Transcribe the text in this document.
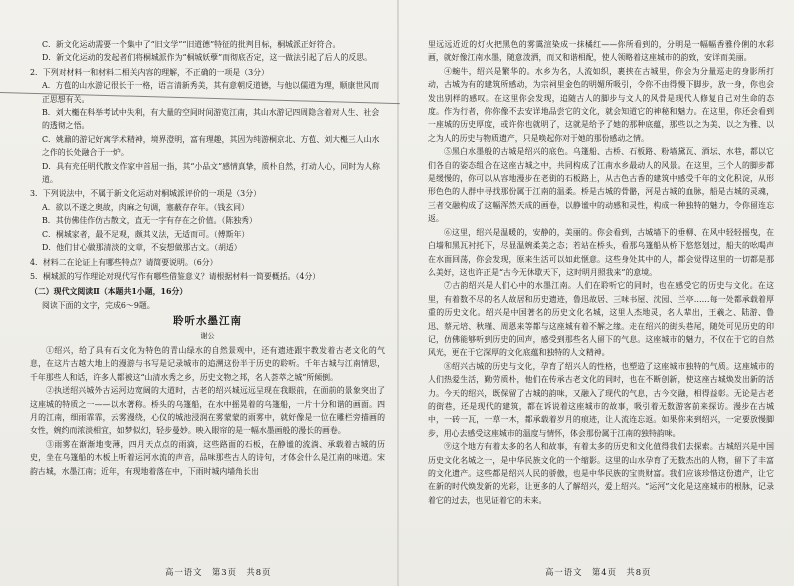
C．新文化运动需要一个集中了“旧文学”“旧道德”特征的批判目标，桐城派正好符合。

D．新文化运动的发起者们将桐城派作为“桐城妖孽”而彻底否定，这一做法引起了后人的反思。

2．下列对材料一和材料二相关内容的理解，不正确的一项是（3分）

A．方苞的山水游记很长于一格，语言清新秀美，其有意朝反道德，与他以儒道为理，顺康世风而正思想有关。

B．刘大櫆在科举考试中失利，有大量的空间时间游览江南，其山水游记四周隐含着对人生、社会的透彻之悟。

C．姚鼐的游记好寓学术精神，境界澄明，富有理趣，其因为纯游桐京北、方苞、刘大櫆三人山水之作的长处融合于一炉。

D．具有充任明代散文作家中首屈一指，其“小品文”感情真挚，质朴自然，打动人心，同时为人称道。

3．下列说法中，不属于新文化运动对桐城派评价的一项是（3分）

A．欲以不遂之奥故，肉麻之句调，塞蔽存存年。（钱玄同）

B．其仿佛佳作仿古散文，直无一字有存在之价值。（陈独秀）

C．桐城家者，最不足观，颇其义法，无适而可。（傅斯年）

D．他们甘心做那清淡的文章，不妄想做那古文。（胡适）

4．材料二在论证上有哪些特点？请简要说明。（6分）

5．桐城派的写作理论对现代写作有哪些借鉴意义？请根据材料一简要概括。（4分）

（二）现代文阅读Ⅱ（本题共1小题，16分）

阅读下面的文字，完成6～9题。

聆听水墨江南

谢公

①绍兴，给了具有石文化为特色的青山绿水的自然景观中，还有遗迹跟宇教发着古老文化的气息，在这片古越大地上的漫游与书写是记录城市的追溯这份半于历史的聆听。千年古城与江南情思，千年那些人和话，许多人都被这“山清水秀之乡，历史文物之邦，名人荟萃之城”所倾倒。

②执送绍兴城外古运河边宽阔的大道时，古老的绍兴城远远呈现在我眼前，在面前的景象突出了这座城的特质之一——以水著称。桥头的乌篷船，在水中摇晃着的乌篷船，一片十分和谐的画面。四月的江南，细雨霏霏，云雾漫绕，心仪的城池浸润在雾蒙蒙的雨雾中，就好像是一位在雕栏旁描画的女性，婉约而浓淡相宜，如梦似幻，轻步曼妙。映入眼帘的是一幅水墨画般的漫长的画卷。

③雨雾在渐渐地变薄，四月天点点的雨滴，这些路面的石板，在静谧的流淌、承载着古城的历史，坐在乌篷船的木板上听着运河水流的声音，品味那些古人的诗句，才体会什么是江南的味道。宋韵古城，水墨江南；近年，有现地着落在中，下雨时城内墙角长出

里远远近近的灯火把黑色的雾霭渲染成一抹橘红——你所看到的，分明是一幅幅香雅伶俐的水彩画，就好像江南水墨，随意泼洒，而又和谐相配，使人领略着这座城市的韵致，安详而美丽。

④蜿牛，绍兴是繁华的。水乡为名，人流如织，裹挟在古城里，你会为分量巡走的身影所打动，古城为有的建筑所感动，为宗祠里金色的明媚所吸引，令你不由得慢下脚步，放一身，你也会发出别样的感叹。在这里你会发现，追随古人的脚步与文人的风骨是现代人修复自己对生命的态度。作为行者，你你像不去安详地品尝它的文化，就会知道它的神秘和魅力。在这里，你还会看到一座城的历史厚度，或许你也就明了，这就是给予了她的那种底蕴，那些以之为美、以之为雅、以之为人的历史与物质遗产，只是唤起你对于她的那份感动之情。

⑤黑白水墨般的古城是绍兴的底色。乌篷船、古桥、石板路、粉墙黛瓦、酒坛、水巷，都以它们各自的姿态组合在这座古城之中，共同构成了江南水乡最动人的风景。在这里，三个人的脚步都是缓慢的，你可以从容地漫步在老街的石板路上，从古色古香的建筑中感受千年的文化积淀，从形形色色的人群中寻找那份属于江南的温柔。桥是古城的骨骼，河是古城的血脉，船是古城的灵魂，三者交融构成了这幅浑然天成的画卷，以静谧中的动感和灵性，构成一种独特的魅力，令你留连忘返。

⑥这里，绍兴是温暖的，安静的，美丽的。你会看到，古城墙下的垂柳、在风中轻轻摇曳，在白墙和黑瓦衬托下，尽显温婉柔美之态；若站在桥头，看那乌篷船从桥下悠悠划过，船夫的吆喝声在水面回荡，你会发现，原来生活可以如此惬意。这些身处其中的人，都会觉得这里的一切都是那么美好，这也许正是“古今无休歇天下，这时明月照我来”的意境。

⑦古韵绍兴是人们心中的水墨江南。人们在聆听它的同时，也在感受它的历史与文化。在这里，有着数不尽的名人故居和历史遗迹，鲁迅故居、三味书屋、沈园、兰亭……每一处都承载着厚重的历史文化。绍兴是中国著名的历史文化名城，这里人杰地灵，名人辈出，王羲之、陆游、鲁迅、蔡元培、秋瑾、周恩来等都与这座城有着不解之缘。走在绍兴的街头巷尾，随处可见历史的印记，仿佛能够听到历史的回声，感受到那些名人留下的气息。这座城市的魅力，不仅在于它的自然风光，更在于它深厚的文化底蕴和独特的人文精神。

⑧绍兴古城的历史与文化，孕育了绍兴人的性格，也塑造了这座城市独特的气质。这座城市的人们热爱生活，勤劳质朴，他们在传承古老文化的同时，也在不断创新，使这座古城焕发出新的活力。今天的绍兴，既保留了古城的韵味，又融入了现代的气息，古今交融，相得益彰。无论是古老的街巷，还是现代的建筑，都在诉说着这座城市的故事，吸引着无数游客前来探访。漫步在古城中，一砖一瓦，一草一木，都承载着岁月的痕迹，让人流连忘返。如果你来到绍兴，一定要放慢脚步，用心去感受这座城市的温度与情怀，体会那份属于江南的独特韵味。

⑨这个地方有着太多的名人和故事，有着太多的历史和文化值得我们去探索。古城绍兴是中国历史文化名城之一，是中华民族文化的一个缩影。这里的山水孕育了无数杰出的人物，留下了丰富的文化遗产。这些都是绍兴人民的骄傲，也是中华民族的宝贵财富。我们应该珍惜这份遗产，让它在新的时代焕发新的光彩，让更多的人了解绍兴，爱上绍兴。“运河”文化是这座城市的根脉，记录着它的过去，也见证着它的未来。

高一语文　第3页　共8页	高一语文　第4页　共8页
